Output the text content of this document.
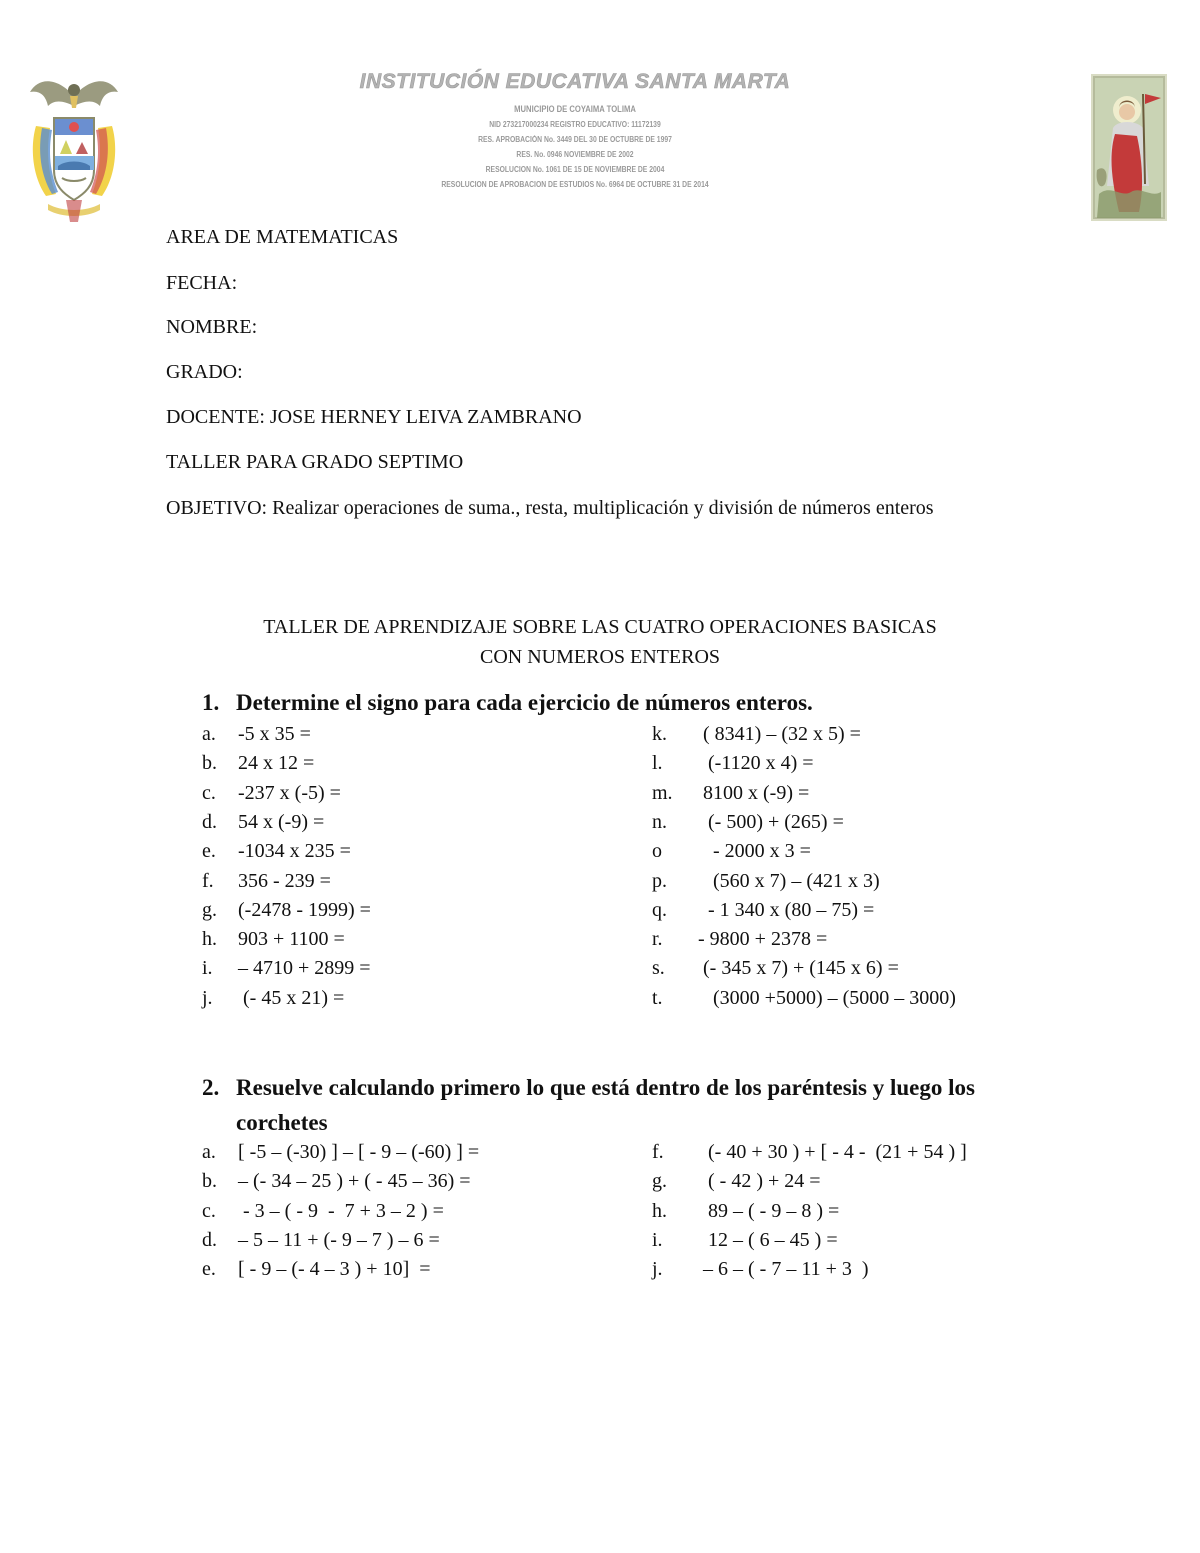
INSTITUCIÓN EDUCATIVA SANTA MARTA
MUNICIPIO DE COYAIMA TOLIMA
NID 273217000234 REGISTRO EDUCATIVO: 11172139
RES. APROBACIÓN No. 3449 DEL 30 DE OCTUBRE DE 1997
RES. No. 0946 NOVIEMBRE DE 2002
RESOLUCION No. 1061 DE 15 DE NOVIEMBRE DE 2004
RESOLUCION DE APROBACION DE ESTUDIOS No. 6964 DE OCTUBRE 31 DE 2014
AREA DE MATEMATICAS
FECHA:
NOMBRE:
GRADO:
DOCENTE: JOSE HERNEY LEIVA ZAMBRANO
TALLER PARA GRADO SEPTIMO
OBJETIVO: Realizar operaciones de suma., resta, multiplicación y división de números enteros
TALLER DE APRENDIZAJE SOBRE LAS CUATRO OPERACIONES BASICAS
CON NUMEROS ENTEROS
1. Determine el signo para cada ejercicio de números enteros.
a. -5 x 35 =
b. 24 x 12 =
c. -237 x (-5) =
d. 54 x (-9) =
e. -1034 x 235 =
f. 356 - 239 =
g. (-2478 - 1999) =
h. 903 + 1100 =
i. – 4710 + 2899 =
j. (- 45 x 21) =
k. ( 8341) – (32 x 5) =
l.  (-1120 x 4) =
m. 8100 x (-9) =
n.  (- 500) + (265) =
o   - 2000 x 3 =
p.   (560 x 7) – (421 x 3)
q.  - 1 340 x (80 – 75) =
r. - 9800 + 2378 =
s. (- 345 x 7) + (145 x 6) =
t.   (3000 +5000) – (5000 – 3000)
2. Resuelve calculando primero lo que está dentro de los paréntesis y luego los corchetes
a. [ -5 – (-30) ] – [ - 9 – (-60) ] =
b. – (- 34 – 25 ) + ( - 45 – 36) =
c. - 3 – ( - 9  -  7 + 3 – 2 ) =
d. – 5 – 11 + (- 9 – 7 ) – 6 =
e. [ - 9 – (- 4 – 3 ) + 10]  =
f.  (- 40 + 30 ) + [ - 4 -  (21 + 54 ) ]
g.  ( - 42 ) + 24 =
h.  89 – ( - 9 – 8 ) =
i.  12 – ( 6 – 45 ) =
j. – 6 – ( - 7 – 11 + 3  )
